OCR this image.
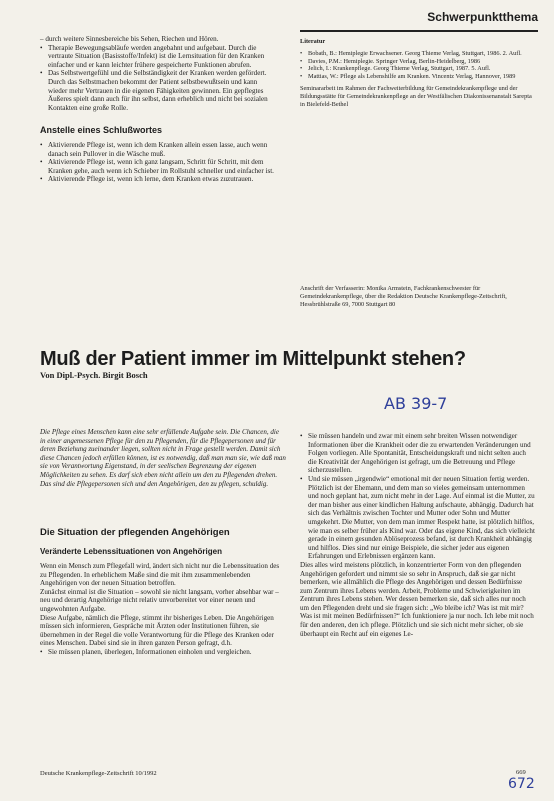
Schwerpunktthema

– durch weitere Sinnesbereiche bis Sehen, Riechen und Hören.

• Therapie Bewegungsabläufe werden angebahnt und aufgebaut. Durch die vertraute Situation (Basisstoffe/Infekt) ist die Lernsituation für den Kranken einfacher und er kann leichter frühere gespeicherte Funktionen abrufen.

• Das Selbstwertgefühl und die Selbständigkeit der Kranken werden gefördert. Durch das Selbstmachen bekommt der Patient selbstbewußtsein und kann wieder mehr Vertrauen in die eigenen Fähigkeiten gewinnen. Ein gepflegtes Äußeres spielt dann auch für ihn selbst, dann erheblich und nicht bei sozialen Kontakten eine große Rolle.

Anstelle eines Schlußwortes

• Aktivierende Pflege ist, wenn ich dem Kranken allein essen lasse, auch wenn danach sein Pullover in die Wäsche muß.

• Aktivierende Pflege ist, wenn ich ganz langsam, Schritt für Schritt, mit dem Kranken gehe, auch wenn ich Schieber im Rollstuhl schneller und einfacher ist.

• Aktivierende Pflege ist, wenn ich lerne, dem Kranken etwas zuzutrauen.

Literatur

• Bobath, B.: Hemiplegie Erwachsener. Georg Thieme Verlag, Stuttgart, 1986. 2. Aufl.

• Davies, P.M.: Hemiplegie. Springer Verlag, Berlin-Heidelberg, 1986

• Jelich, I.: Krankenpflege. Georg Thieme Verlag, Stuttgart, 1987. 5. Aufl.

• Mattias, W.: Pflege als Lebenshilfe am Kranken. Vincentz Verlag, Hannover, 1989

Seminararbeit im Rahmen der Fachweiterbildung für Gemeindekrankenpflege und der Bildungsstätte für Gemeindekrankenpflege an der Westfälischen Diakonissenanstalt Sarepta in Bielefeld-Bethel

Anschrift der Verfasserin: Monika Armstein, Fachkrankenschwester für Gemeindekrankenpflege, über die Redaktion Deutsche Krankenpflege-Zeitschrift, Hessbrühlstraße 69, 7000 Stuttgart 80
Muß der Patient immer im Mittelpunkt stehen?
Von Dipl.-Psych. Birgit Bosch
AB 39-7
Die Pflege eines Menschen kann eine sehr erfüllende Aufgabe sein. Die Chancen, die in einer angemessenen Pflege für den zu Pflegenden, für die Pflegepersonen und für deren Beziehung zueinander liegen, sollten nicht in Frage gestellt werden. Damit sich diese Chancen jedoch erfüllen können, ist es notwendig, daß man man sie, wie daß man sie von Verantwortung Eigenstand, in der seelischen Begrenzung der eigenen Möglichkeiten zu sehen. Es darf sich eben nicht allein um den zu Pflegenden drehen. Das sind die Pflegepersonen sich und den Angehörigen, den zu pflegen, schuldig.
Die Situation der pflegenden Angehörigen
Veränderte Lebenssituationen von Angehörigen

Wenn ein Mensch zum Pflegefall wird, ändert sich nicht nur die Lebenssituation des zu Pflegenden. In erheblichem Maße sind die mit ihm zusammenlebenden Angehörigen von der neuen Situation betroffen.

Zunächst einmal ist die Situation – sowohl sie nicht langsam, vorher absehbar war – neu und derartig Angehörige nicht relativ unvorbereitet vor einer neuen und ungewohnten Aufgabe.

Diese Aufgabe, nämlich die Pflege, stimmt ihr bisheriges Leben. Die Angehörigen müssen sich informieren, Gespräche mit Ärzten oder Institutionen führen, sie übernehmen in der Regel die volle Verantwortung für die Pflege des Kranken oder eines Menschen. Dabei sind sie in ihren ganzen Person gefragt, d.h.

• Sie müssen planen, überlegen, Informationen einholen und vergleichen.

• Sie müssen handeln und zwar mit einem sehr breiten Wissen notwendiger Informationen über die Krankheit oder die zu erwartenden Veränderungen und Folgen vorliegen. Alle Spontanität, Entscheidungskraft und nicht selten auch die Kreativität der Angehörigen ist gefragt, um die Betreuung und Pflege sicherzustellen.

• Und sie müssen „irgendwie“ emotional mit der neuen Situation fertig werden. Plötzlich ist der Ehemann, und dem man so vieles gemeinsam unternommen und noch geplant hat, zum nicht mehr in der Lage. Auf einmal ist die Mutter, zu der man bisher aus einer kindlichen Haltung aufschaute, abhängig. Dadurch hat sich das Verhältnis zwischen Tochter und Mutter oder Sohn und Mutter umgekehrt. Die Mutter, von dem man immer Respekt hatte, ist plötzlich hilflos, wie man es selber früher als Kind war. Oder das eigene Kind, das sich vielleicht gerade in einem gesunden Ablöseprozess befand, ist durch Krankheit abhängig und hilflos. Dies sind nur einige Beispiele, die sicher jeder aus eigenen Erfahrungen und Erlebnissen ergänzen kann.

Dies alles wird meistens plötzlich, in konzentrierter Form von den pflegenden Angehörigen gefordert und nimmt sie so sehr in Anspruch, daß sie gar nicht bemerken, wie allmählich die Pflege des Angehörigen und dessen Bedürfnisse zum Zentrum ihres Lebens werden. Arbeit, Probleme und Schwierigkeiten im Zentrum ihres Lebens stehen. Wer dessen bemerken sie, daß sich alles nur noch um den Pflegenden dreht und sie fragen sich: „Wo bleibe ich? Was ist mit mir? Was ist mit meinen Bedürfnissen?“ Ich funktioniere ja nur noch. Ich lebe mit noch für den anderen, den ich pflege. Plötzlich und sie sich nicht mehr sicher, ob sie überhaupt ein Recht auf ein eigenes Le-

Deutsche Krankenpflege-Zeitschrift 10/1992	669
672
